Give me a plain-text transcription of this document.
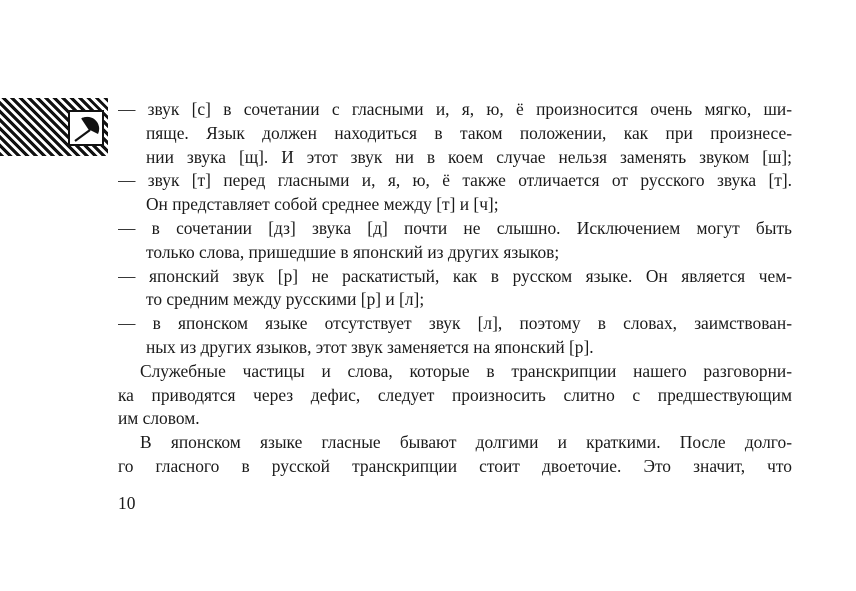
— звук [с] в сочетании с гласными и, я, ю, ё произносится очень мягко, ши-
пяще. Язык должен находиться в таком положении, как при произнесе-
нии звука [щ]. И этот звук ни в коем случае нельзя заменять звуком [ш];
— звук [т] перед гласными и, я, ю, ё также отличается от русского звука [т].
Он представляет собой среднее между [т] и [ч];
— в сочетании [дз] звука [д] почти не слышно. Исключением могут быть
только слова, пришедшие в японский из других языков;
— японский звук [р] не раскатистый, как в русском языке. Он является чем-
то средним между русскими [р] и [л];
— в японском языке отсутствует звук [л], поэтому в словах, заимствован-
ных из других языков, этот звук заменяется на японский [р].
Служебные частицы и слова, которые в транскрипции нашего разговорни-
ка приводятся через дефис, следует произносить слитно с предшествующим
им словом.
В японском языке гласные бывают долгими и краткими. После долго-
го гласного в русской транскрипции стоит двоеточие. Это значит, что
10
